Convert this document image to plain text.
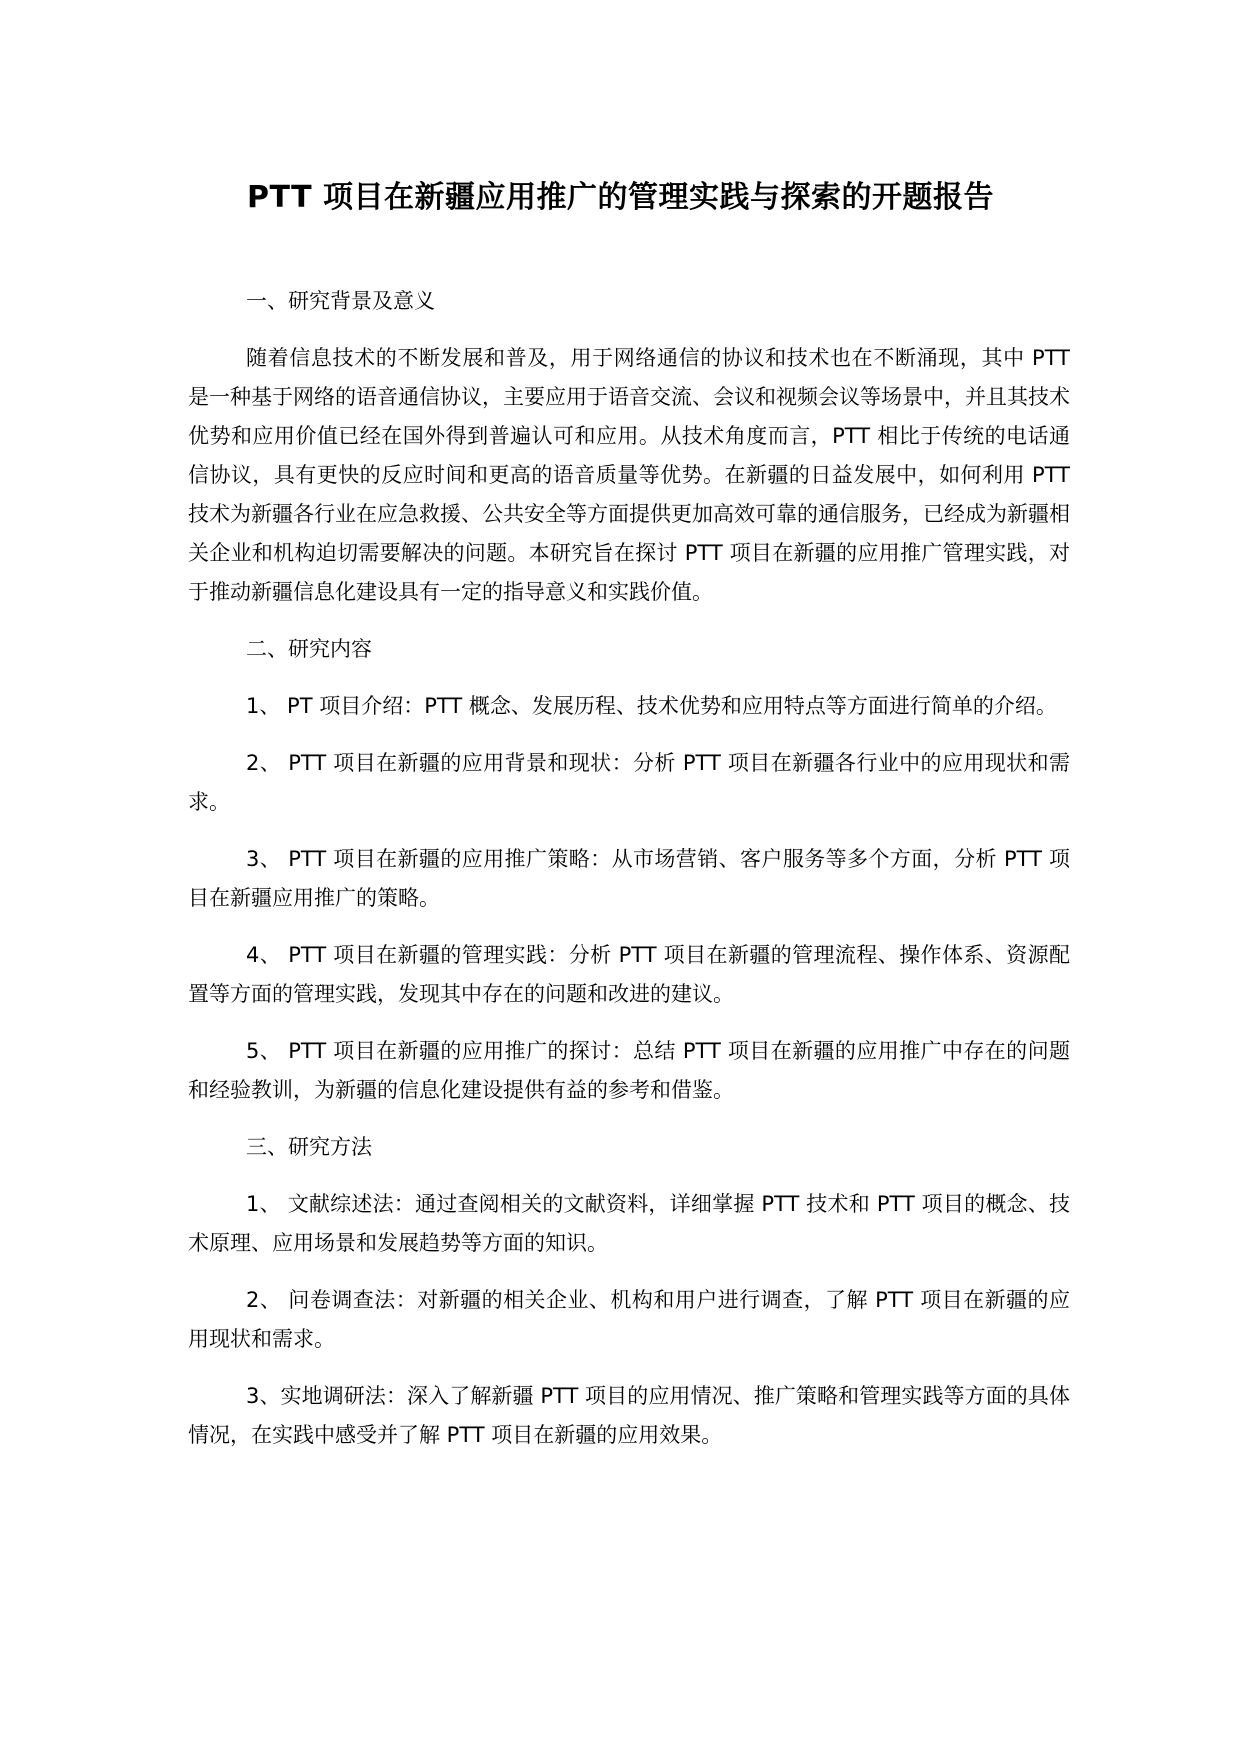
PTT 项目在新疆应用推广的管理实践与探索的开题报告

一、研究背景及意义

随着信息技术的不断发展和普及，用于网络通信的协议和技术也在不断涌现，其中 PTT 是一种基于网络的语音通信协议，主要应用于语音交流、会议和视频会议等场景中，并且其技术优势和应用价值已经在国外得到普遍认可和应用。从技术角度而言，PTT 相比于传统的电话通信协议，具有更快的反应时间和更高的语音质量等优势。在新疆的日益发展中，如何利用 PTT 技术为新疆各行业在应急救援、公共安全等方面提供更加高效可靠的通信服务，已经成为新疆相关企业和机构迫切需要解决的问题。本研究旨在探讨 PTT 项目在新疆的应用推广管理实践，对于推动新疆信息化建设具有一定的指导意义和实践价值。

二、研究内容

1、 PT 项目介绍：PTT 概念、发展历程、技术优势和应用特点等方面进行简单的介绍。

2、 PTT 项目在新疆的应用背景和现状：分析 PTT 项目在新疆各行业中的应用现状和需求。

3、 PTT 项目在新疆的应用推广策略：从市场营销、客户服务等多个方面，分析 PTT 项目在新疆应用推广的策略。

4、 PTT 项目在新疆的管理实践：分析 PTT 项目在新疆的管理流程、操作体系、资源配置等方面的管理实践，发现其中存在的问题和改进的建议。

5、 PTT 项目在新疆的应用推广的探讨：总结 PTT 项目在新疆的应用推广中存在的问题和经验教训，为新疆的信息化建设提供有益的参考和借鉴。

三、研究方法

1、 文献综述法：通过查阅相关的文献资料，详细掌握 PTT 技术和 PTT 项目的概念、技术原理、应用场景和发展趋势等方面的知识。

2、 问卷调查法：对新疆的相关企业、机构和用户进行调查，了解 PTT 项目在新疆的应用现状和需求。

3、实地调研法：深入了解新疆 PTT 项目的应用情况、推广策略和管理实践等方面的具体情况，在实践中感受并了解 PTT 项目在新疆的应用效果。
